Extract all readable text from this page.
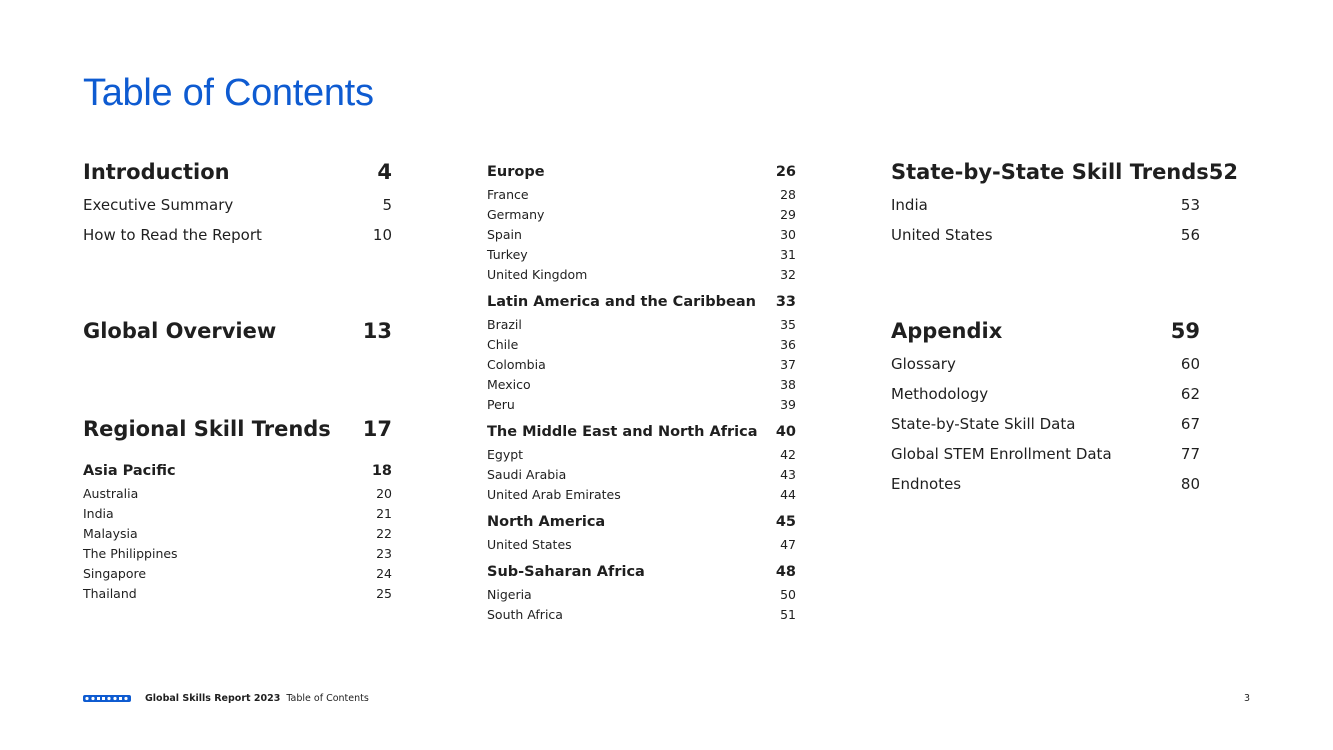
Table of Contents
Introduction	4
Executive Summary	5
How to Read the Report	10
Global Overview	13
Regional Skill Trends 17
Asia Pacific	18
Australia	20
India	21
Malaysia	22
The Philippines	23
Singapore	24
Thailand	25
Europe	26
France	28
Germany	29
Spain	30
Turkey	31
United Kingdom	32
Latin America and the Caribbean 33
Brazil	35
Chile	36
Colombia	37
Mexico	38
Peru	39
The Middle East and North Africa 40
Egypt	42
Saudi Arabia	43
United Arab Emirates	44
North America	45
United States	47
Sub-Saharan Africa	48
Nigeria	50
South Africa	51
State-by-State Skill Trends 52
India	53
United States	56
Appendix	59
Glossary	60
Methodology	62
State-by-State Skill Data	67
Global STEM Enrollment Data	77
Endnotes	80
Global Skills Report 2023 Table of Contents	3
